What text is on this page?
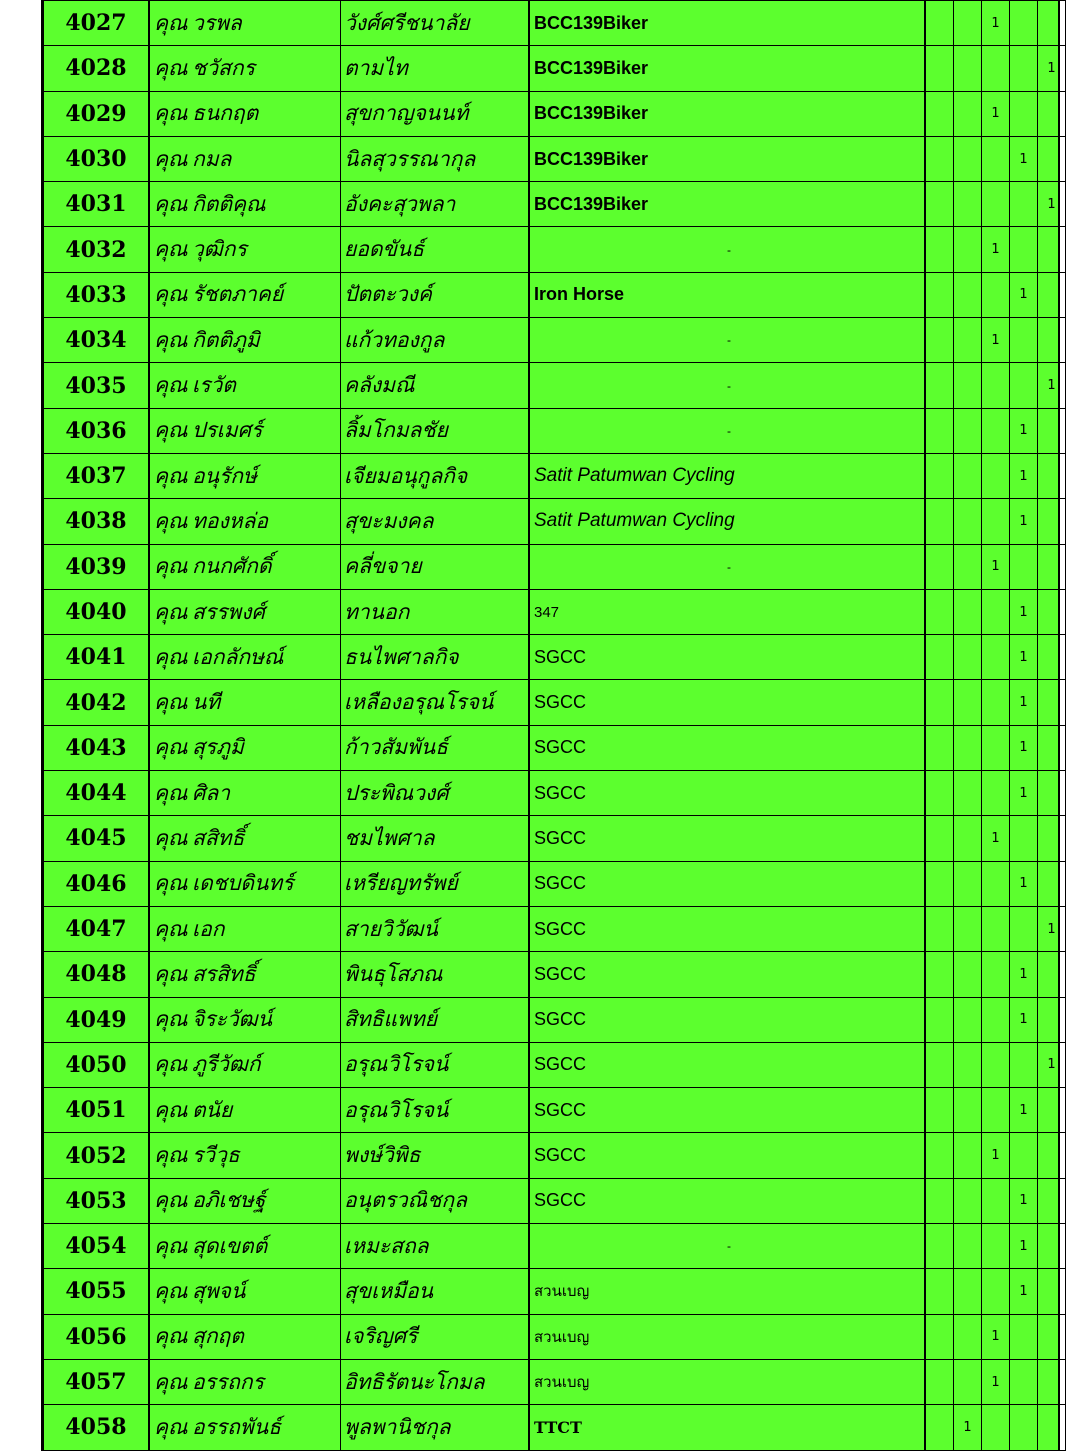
4027	คุณ วรพล	วังศ์ศรีชนาลัย	BCC139Biker			1		
4028	คุณ ชวัสกร	ตามไท	BCC139Biker					1
4029	คุณ ธนกฤต	สุขกาญจนนท์	BCC139Biker			1		
4030	คุณ กมล	นิลสุวรรณากุล	BCC139Biker				1	
4031	คุณ กิตติคุณ	อังคะสุวพลา	BCC139Biker					1
4032	คุณ วุฒิกร	ยอดขันธ์	-			1		
4033	คุณ รัชตภาคย์	ปัตตะวงค์	Iron Horse				1	
4034	คุณ กิตติภูมิ	แก้วทองกูล	-			1		
4035	คุณ เรวัต	คลังมณี	-					1
4036	คุณ ปรเมศร์	ลิ้มโกมลชัย	-				1	
4037	คุณ อนุรักษ์	เจียมอนุกูลกิจ	Satit Patumwan Cycling				1	
4038	คุณ ทองหล่อ	สุขะมงคล	Satit Patumwan Cycling				1	
4039	คุณ กนกศักดิ์	คลี่ขจาย	-			1		
4040	คุณ สรรพงศ์	ทานอก	347				1	
4041	คุณ เอกลักษณ์	ธนไพศาลกิจ	SGCC				1	
4042	คุณ นที	เหลืองอรุณโรจน์	SGCC				1	
4043	คุณ สุรภูมิ	ก้าวสัมพันธ์	SGCC				1	
4044	คุณ ศิลา	ประพิณวงศ์	SGCC				1	
4045	คุณ สสิทธิ์	ชมไพศาล	SGCC			1		
4046	คุณ เดชบดินทร์	เหรียญทรัพย์	SGCC				1	
4047	คุณ เอก	สายวิวัฒน์	SGCC					1
4048	คุณ สรสิทธิ์	พินธุโสภณ	SGCC				1	
4049	คุณ จิระวัฒน์	สิทธิแพทย์	SGCC				1	
4050	คุณ ภูรีวัฒก์	อรุณวิโรจน์	SGCC					1
4051	คุณ ตนัย	อรุณวิโรจน์	SGCC				1	
4052	คุณ รวีวุธ	พงษ์วิพิธ	SGCC			1		
4053	คุณ อภิเชษฐ์	อนุตรวณิชกุล	SGCC				1	
4054	คุณ สุดเขตต์	เหมะสถล	-				1	
4055	คุณ สุพจน์	สุขเหมือน	สวนเบญ				1	
4056	คุณ สุกฤต	เจริญศรี	สวนเบญ			1		
4057	คุณ อรรถกร	อิทธิรัตนะโกมล	สวนเบญ			1		
4058	คุณ อรรถพันธ์	พูลพานิชกุล	TTCT		1			
